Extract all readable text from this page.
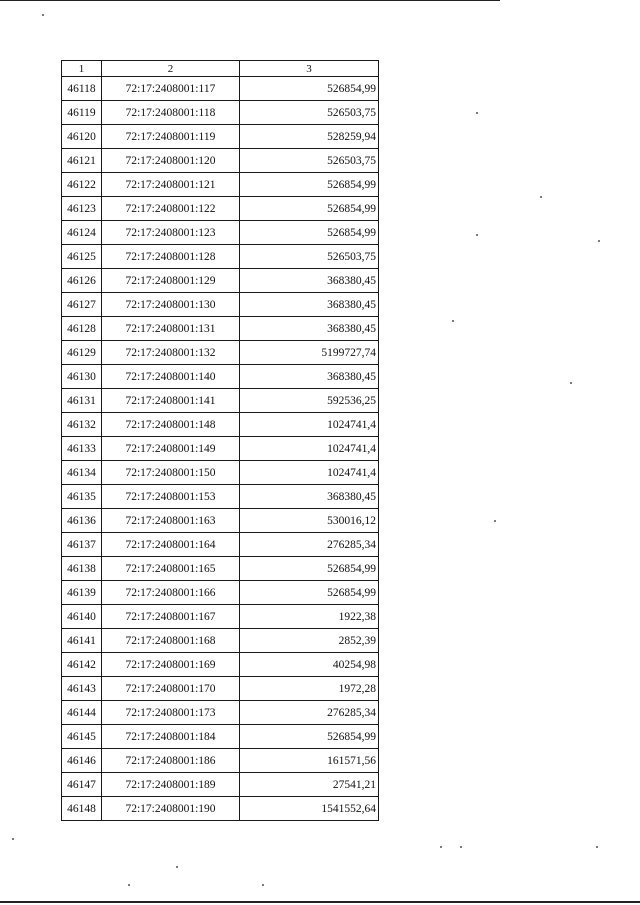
1	2	3
46118	72:17:2408001:117	526854,99
46119	72:17:2408001:118	526503,75
46120	72:17:2408001:119	528259,94
46121	72:17:2408001:120	526503,75
46122	72:17:2408001:121	526854,99
46123	72:17:2408001:122	526854,99
46124	72:17:2408001:123	526854,99
46125	72:17:2408001:128	526503,75
46126	72:17:2408001:129	368380,45
46127	72:17:2408001:130	368380,45
46128	72:17:2408001:131	368380,45
46129	72:17:2408001:132	5199727,74
46130	72:17:2408001:140	368380,45
46131	72:17:2408001:141	592536,25
46132	72:17:2408001:148	1024741,4
46133	72:17:2408001:149	1024741,4
46134	72:17:2408001:150	1024741,4
46135	72:17:2408001:153	368380,45
46136	72:17:2408001:163	530016,12
46137	72:17:2408001:164	276285,34
46138	72:17:2408001:165	526854,99
46139	72:17:2408001:166	526854,99
46140	72:17:2408001:167	1922,38
46141	72:17:2408001:168	2852,39
46142	72:17:2408001:169	40254,98
46143	72:17:2408001:170	1972,28
46144	72:17:2408001:173	276285,34
46145	72:17:2408001:184	526854,99
46146	72:17:2408001:186	161571,56
46147	72:17:2408001:189	27541,21
46148	72:17:2408001:190	1541552,64
